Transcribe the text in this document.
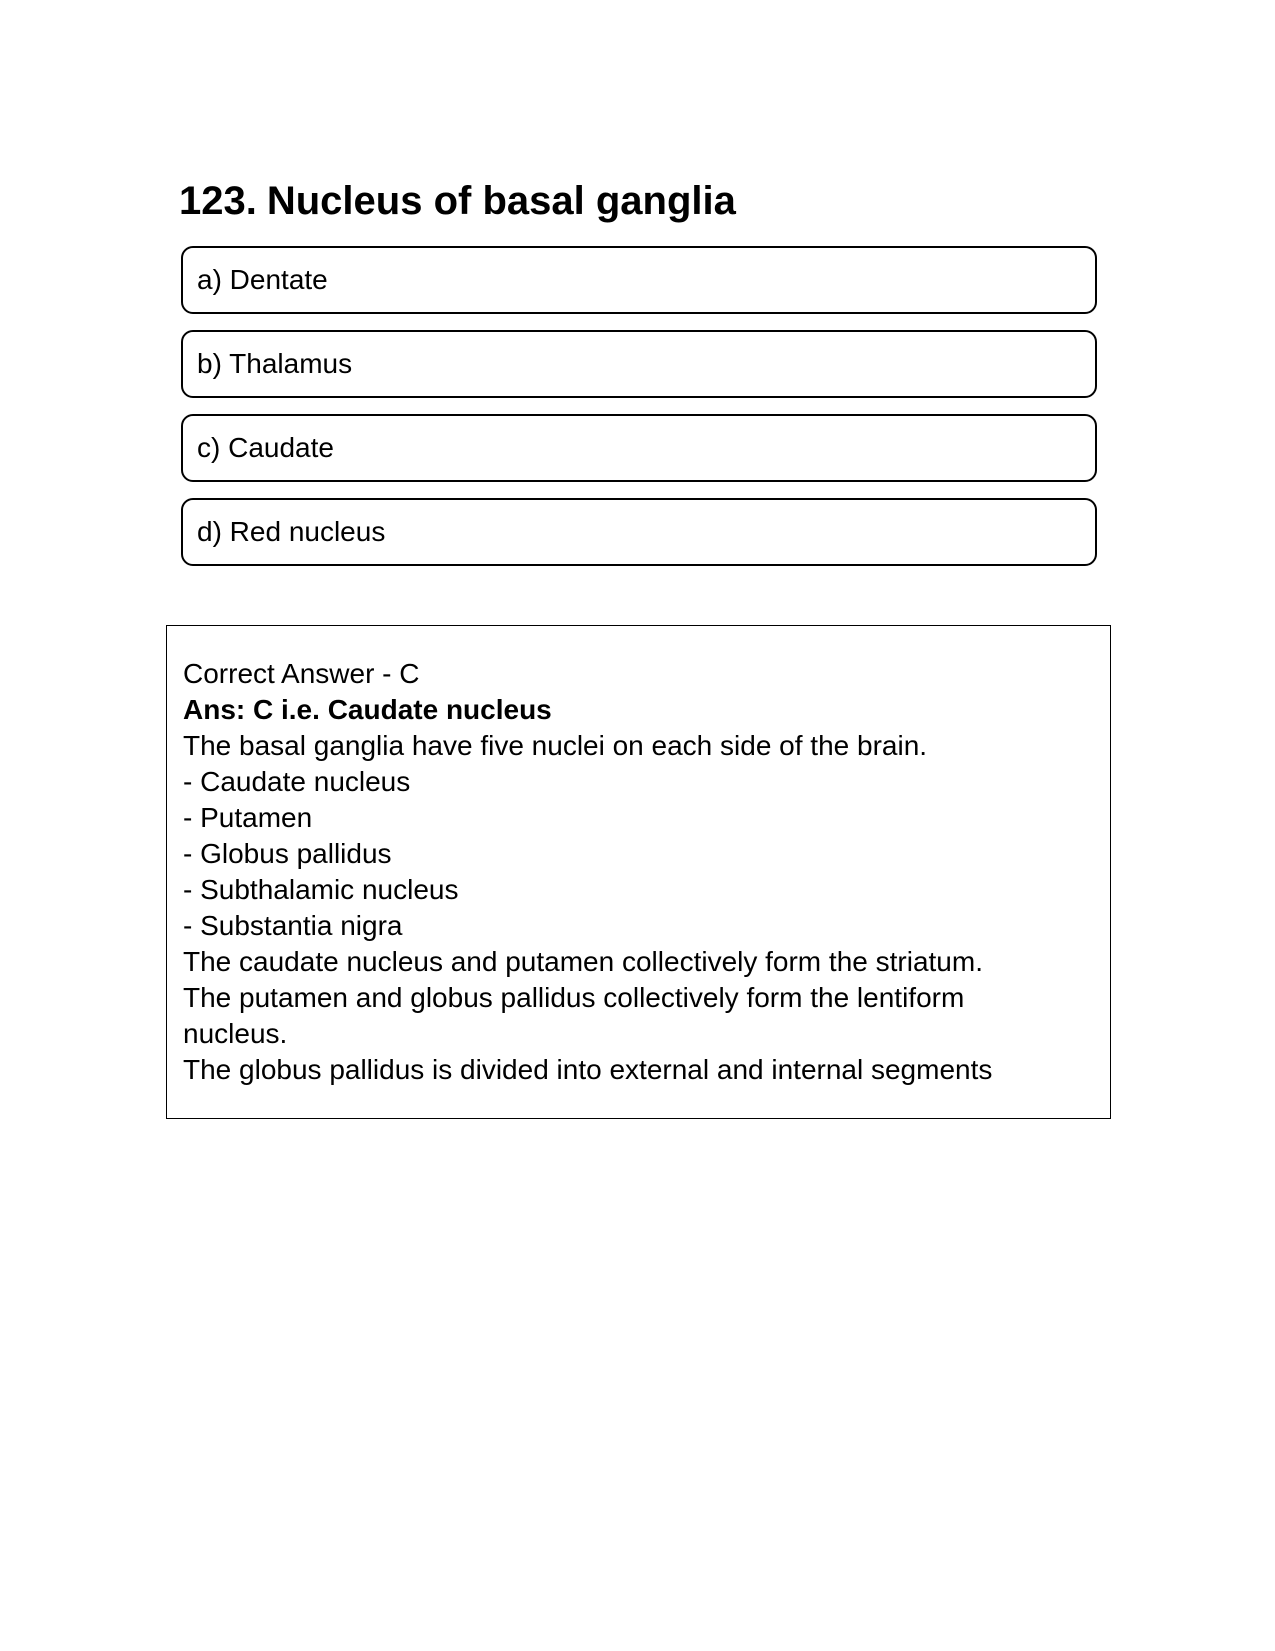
123. Nucleus of basal ganglia
a) Dentate
b) Thalamus
c) Caudate
d) Red nucleus
Correct Answer - C
Ans: C i.e. Caudate nucleus
The basal ganglia have five nuclei on each side of the brain.
- Caudate nucleus
- Putamen
- Globus pallidus
- Subthalamic nucleus
- Substantia nigra
The caudate nucleus and putamen collectively form the striatum.
The putamen and globus pallidus collectively form the lentiform
nucleus.
The globus pallidus is divided into external and internal segments
